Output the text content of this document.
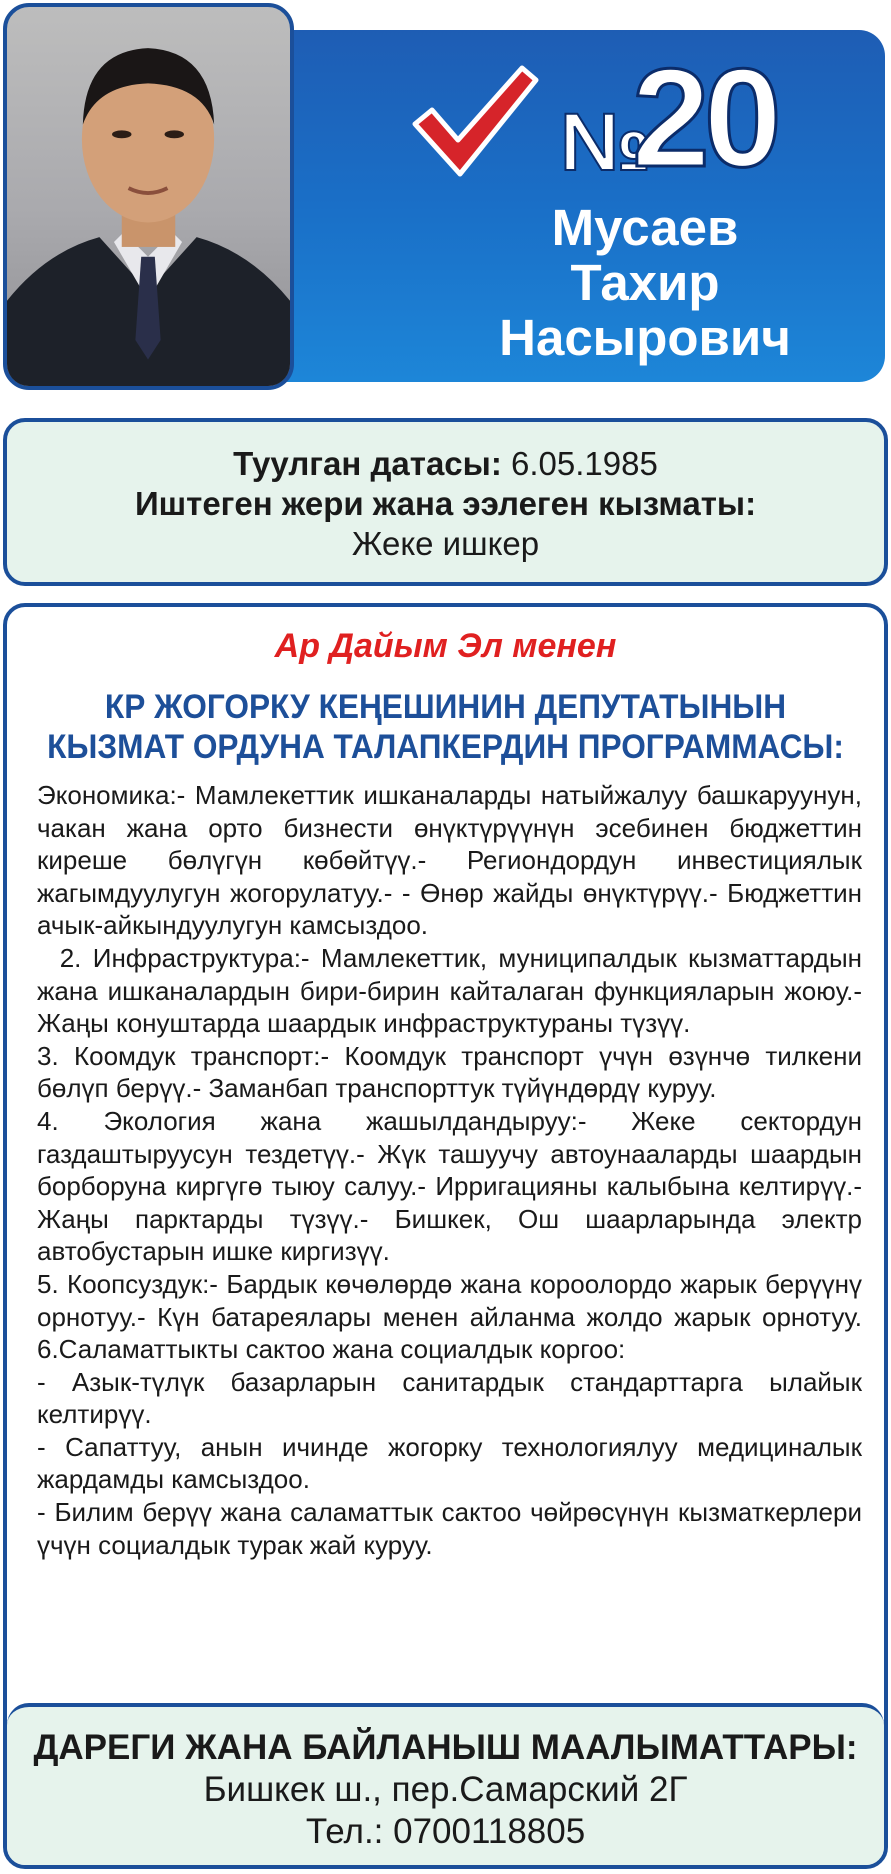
№
20
Мусаев
Тахир
Насырович
Туулган датасы: 6.05.1985
Иштеген жери жана ээлеген кызматы:
Жеке ишкер
Ар Дайым Эл менен
КР ЖОГОРКУ КЕҢЕШИНИН ДЕПУТАТЫНЫН
КЫЗМАТ ОРДУНА ТАЛАПКЕРДИН ПРОГРАММАСЫ:

Экономика:- Мамлекеттик ишканаларды натыйжалуу башкаруунун, чакан жана орто бизнести өнүктүрүүнүн эсебинен бюджеттин киреше бөлүгүн көбөйтүү.- Региондордун инвестициялык жагымдуулугун жогорулатуу.- - Өнөр жайды өнүктүрүү.- Бюджеттин ачык-айкындуулугун камсыздоо.

2. Инфраструктура:- Мамлекеттик, муниципалдык кызматтардын жана ишканалардын бири-бирин кайталаган функцияларын жоюу.- Жаңы конуштарда шаардык инфраструктураны түзүү.

3. Коомдук транспорт:- Коомдук транспорт үчүн өзүнчө тилкени бөлүп берүү.- Заманбап транспорттук түйүндөрдү куруу.

4. Экология жана жашылдандыруу:- Жеке сектордун газдаштыруусун тездетүү.- Жүк ташуучу автоунааларды шаардын борборуна киргүгө тыюу салуу.- Ирригацияны калыбына келтирүү.- Жаңы парктарды түзүү.- Бишкек, Ош шаарларында электр автобустарын ишке киргизүү.

5. Коопсуздук:- Бардык көчөлөрдө жана короолордо жарык берүүнү орнотуу.- Күн батареялары менен айланма жолдо жарык орнотуу. 6.Саламаттыкты сактоо жана социалдык коргоо:

- Азык-түлүк базарларын санитардык стандарттарга ылайык келтирүү.

- Сапаттуу, анын ичинде жогорку технологиялуу медициналык жардамды камсыздоо.

- Билим берүү жана саламаттык сактоо чөйрөсүнүн кызматкерлери үчүн социалдык турак жай куруу.

ДАРЕГИ ЖАНА БАЙЛАНЫШ МААЛЫМАТТАРЫ:
Бишкек ш., пер.Самарский 2Г
Тел.: 0700118805
